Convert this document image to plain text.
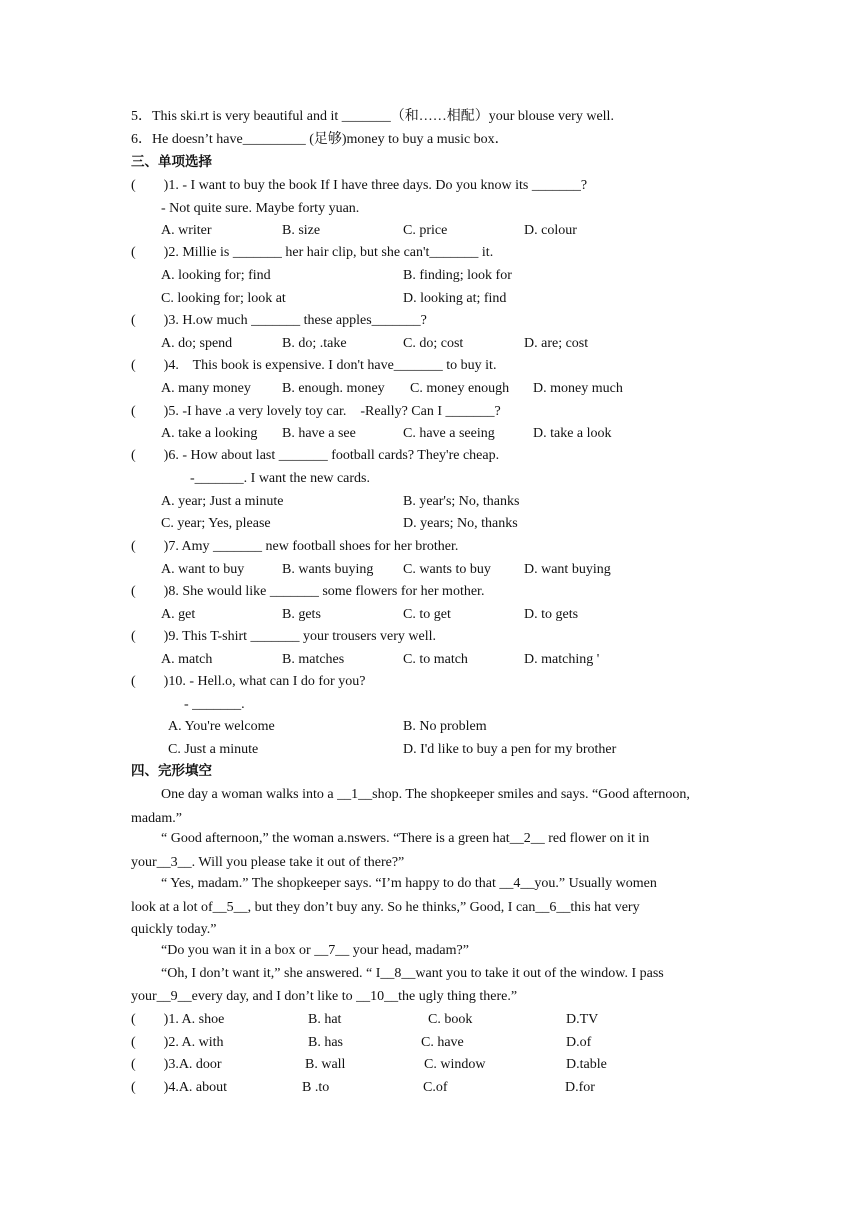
5．This ski.rt is very beautiful and it _______（和……相配）your blouse very well.
6．He doesn’t have_________ (足够)money to buy a music box．
三、单项选择
(        )1. - I want to buy the book If I have three days. Do you know its _______?
- Not quite sure. Maybe forty yuan.
A. writer	B. size	C. price	D. colour
(        )2. Millie is _______ her hair clip, but she can't_______ it.
A. looking for; find	B. finding; look for
C. looking for; look at	D. looking at; find
(        )3. H.ow much _______ these apples_______?
A. do; spend	B. do; .take	C. do; cost	D. are; cost
(        )4.    This book is expensive. I don't have_______ to buy it.
A. many money B. enough. money C. money enough D. money much
(        )5. -I have .a very lovely toy car.    -Really? Can I _______?
A. take a looking B. have a see	C. have a seeing	D. take a look
(        )6. - How about last _______ football cards? They're cheap.
-_______. I want the new cards.
A. year; Just a minute	B. year's; No, thanks
C. year; Yes, please	D. years; No, thanks
(        )7. Amy _______ new football shoes for her brother.
A. want to buy	B. wants buying C. wants to buy D. want buying
(        )8. She would like _______ some flowers for her mother.
A. get	B. gets	C. to get	D. to gets
(        )9. This T-shirt _______ your trousers very well.
A. match	B. matches	C. to match	D. matching '
(        )10. - Hell.o, what can I do for you?
- _______.
A. You're welcome	B. No problem
C. Just a minute	D. I'd like to buy a pen for my brother
四、完形填空
One day a woman walks into a __1__shop. The shopkeeper smiles and says. “Good afternoon,
madam.”
“ Good afternoon,” the woman a.nswers. “There is a green hat__2__ red flower on it in
your__3__. Will you please take it out of there?”
“ Yes, madam.” The shopkeeper says. “I’m happy to do that __4__you.” Usually women
look at a lot of__5__, but they don’t buy any. So he thinks,” Good, I can__6__this hat very
quickly today.”
“Do you wan it in a box or __7__ your head, madam?”
“Oh, I don’t want it,” she answered. “ I__8__want you to take it out of the window. I pass
your__9__every day, and I don’t like to __10__the ugly thing there.”
(        )1. A. shoe	B. hat	C. book	D.TV
(        )2. A. with	B. has	C. have	D.of
(        )3.A. door	B. wall	C. window	D.table
(        )4.A. about	B .to	C.of	D.for
